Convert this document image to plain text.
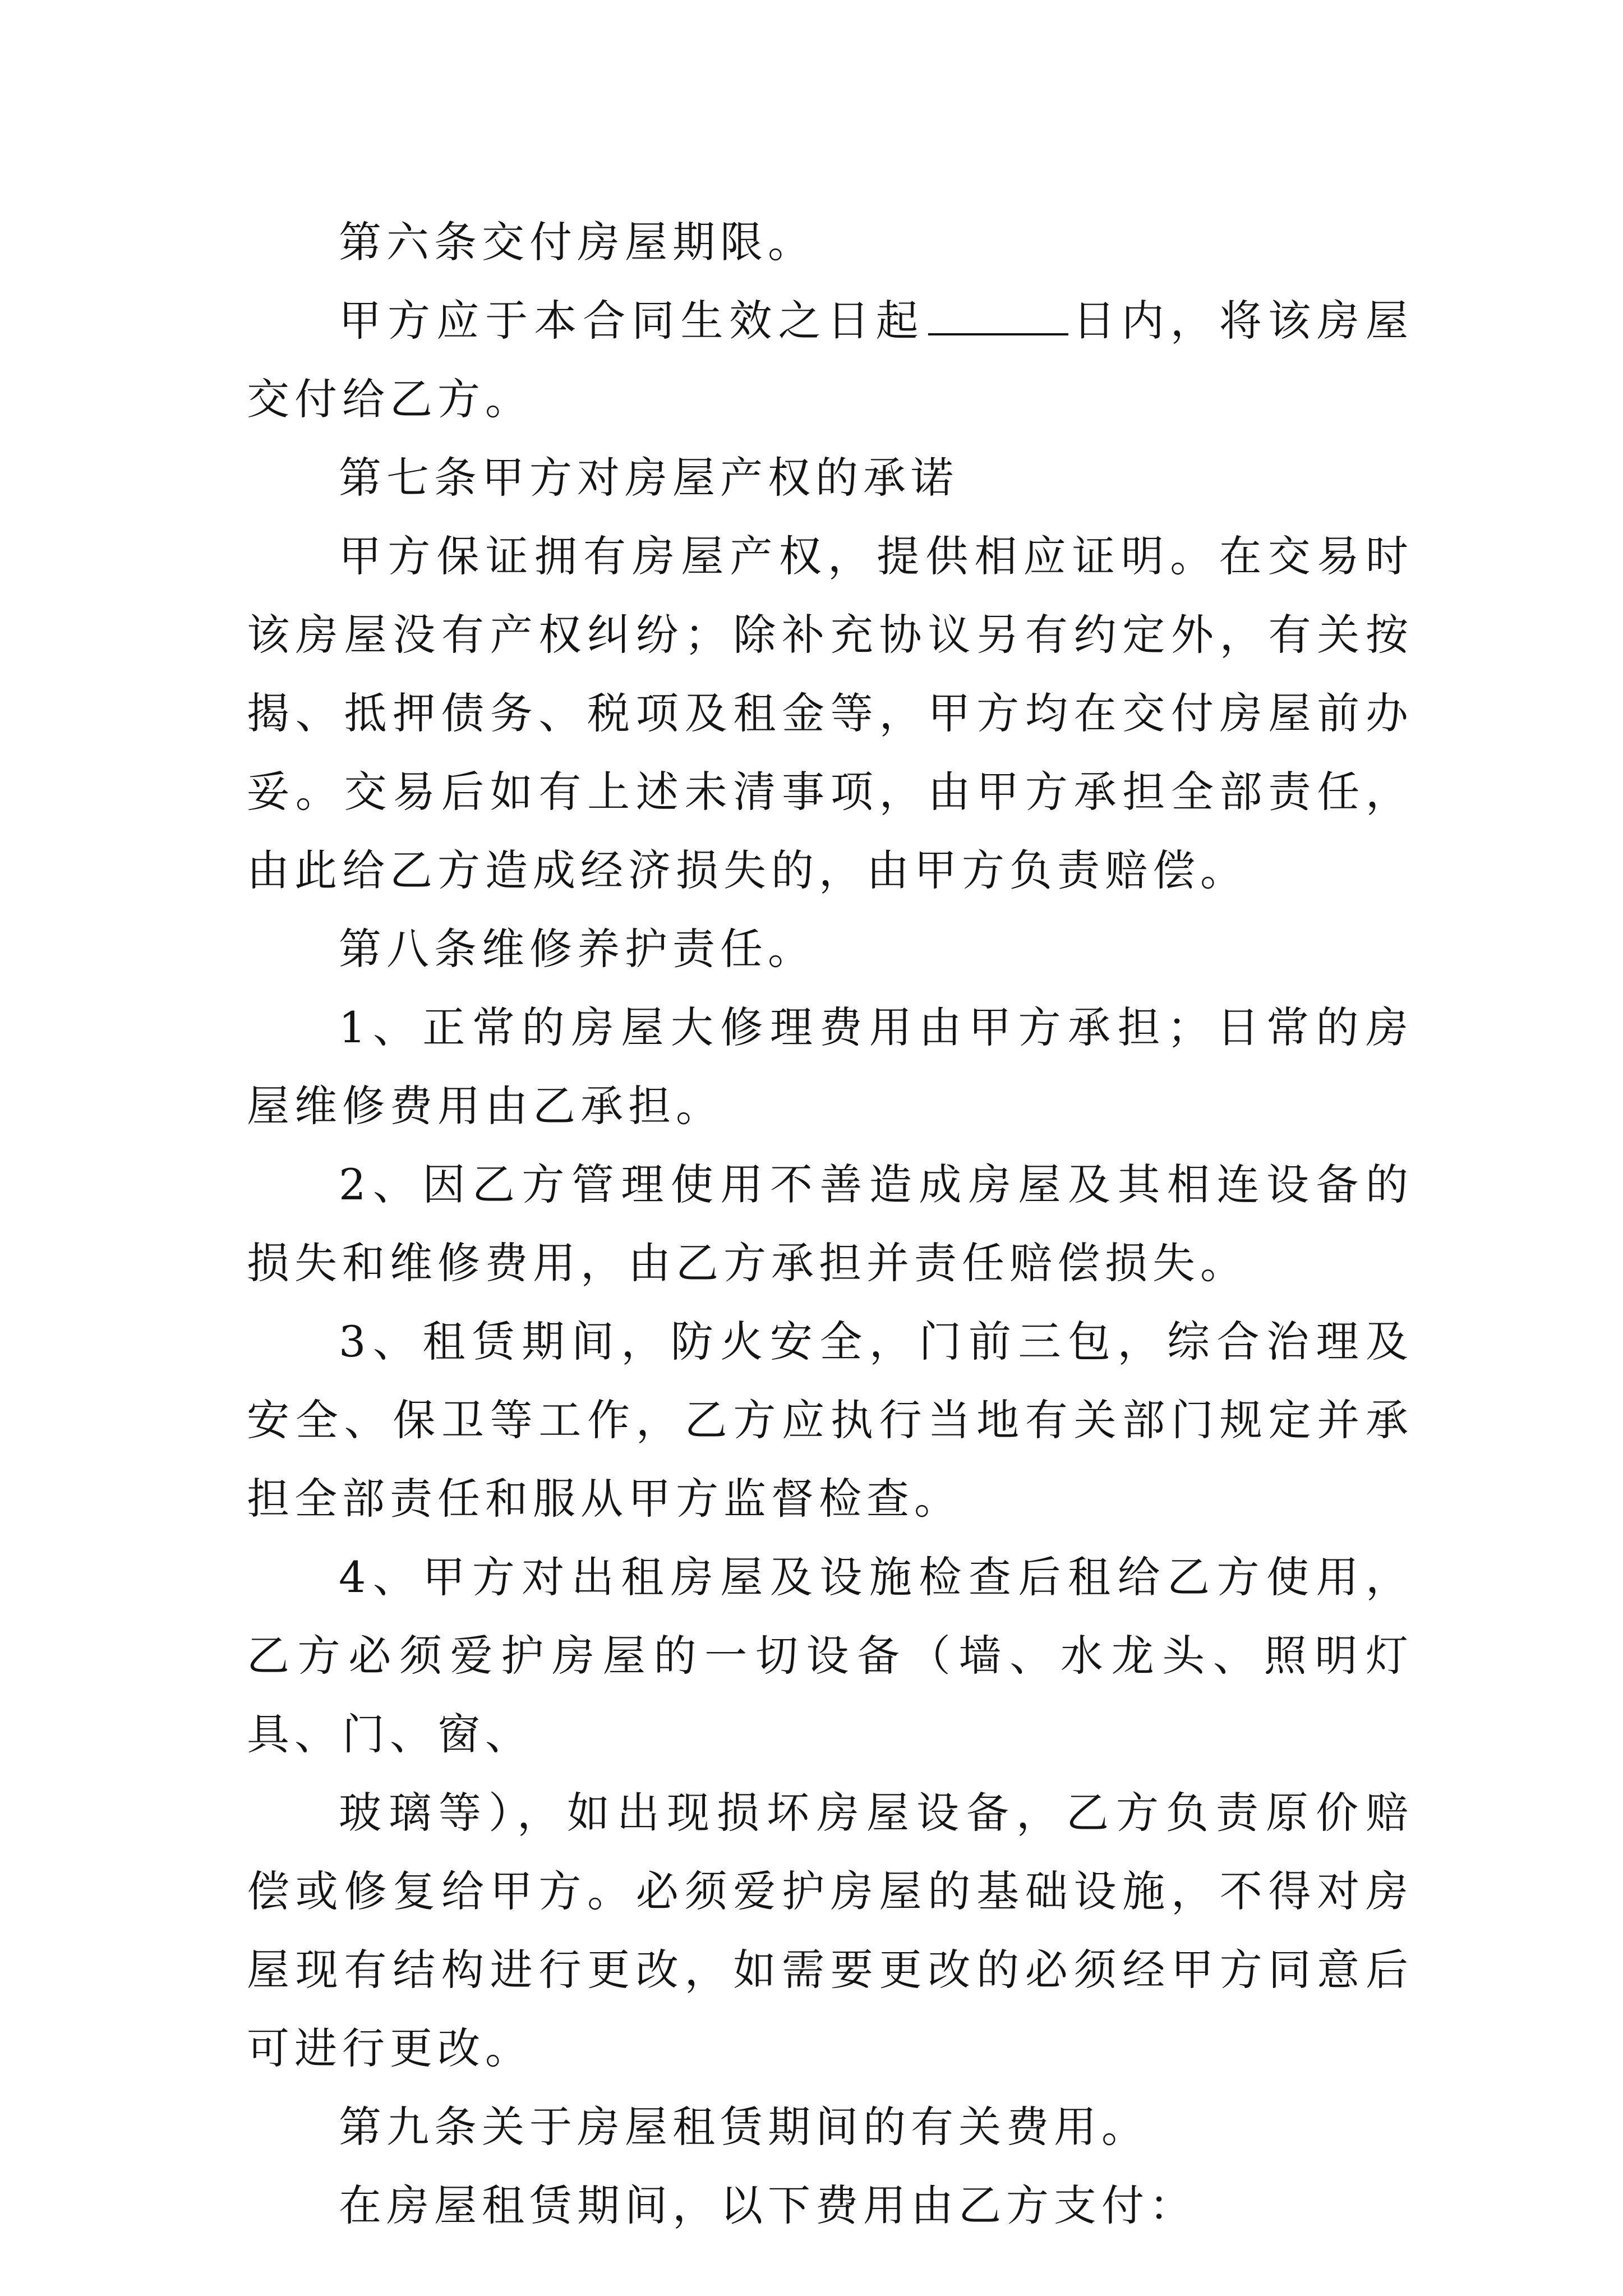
第六条交付房屋期限。

甲方应于本合同生效之日起	日内，将该房屋交付给乙方。

第七条甲方对房屋产权的承诺

甲方保证拥有房屋产权，提供相应证明。在交易时该房屋没有产权纠纷；除补充协议另有约定外，有关按揭、抵押债务、税项及租金等，甲方均在交付房屋前办妥。交易后如有上述未清事项，由甲方承担全部责任，由此给乙方造成经济损失的，由甲方负责赔偿。

第八条维修养护责任。

1、正常的房屋大修理费用由甲方承担；日常的房屋维修费用由乙承担。

2、因乙方管理使用不善造成房屋及其相连设备的损失和维修费用，由乙方承担并责任赔偿损失。

3、租赁期间，防火安全，门前三包，综合治理及安全、保卫等工作，乙方应执行当地有关部门规定并承担全部责任和服从甲方监督检查。

4、甲方对出租房屋及设施检查后租给乙方使用，乙方必须爱护房屋的一切设备（墙、水龙头、照明灯具、门、窗、

玻璃等），如出现损坏房屋设备，乙方负责原价赔偿或修复给甲方。必须爱护房屋的基础设施，不得对房屋现有结构进行更改，如需要更改的必须经甲方同意后可进行更改。

第九条关于房屋租赁期间的有关费用。

在房屋租赁期间，以下费用由乙方支付：
